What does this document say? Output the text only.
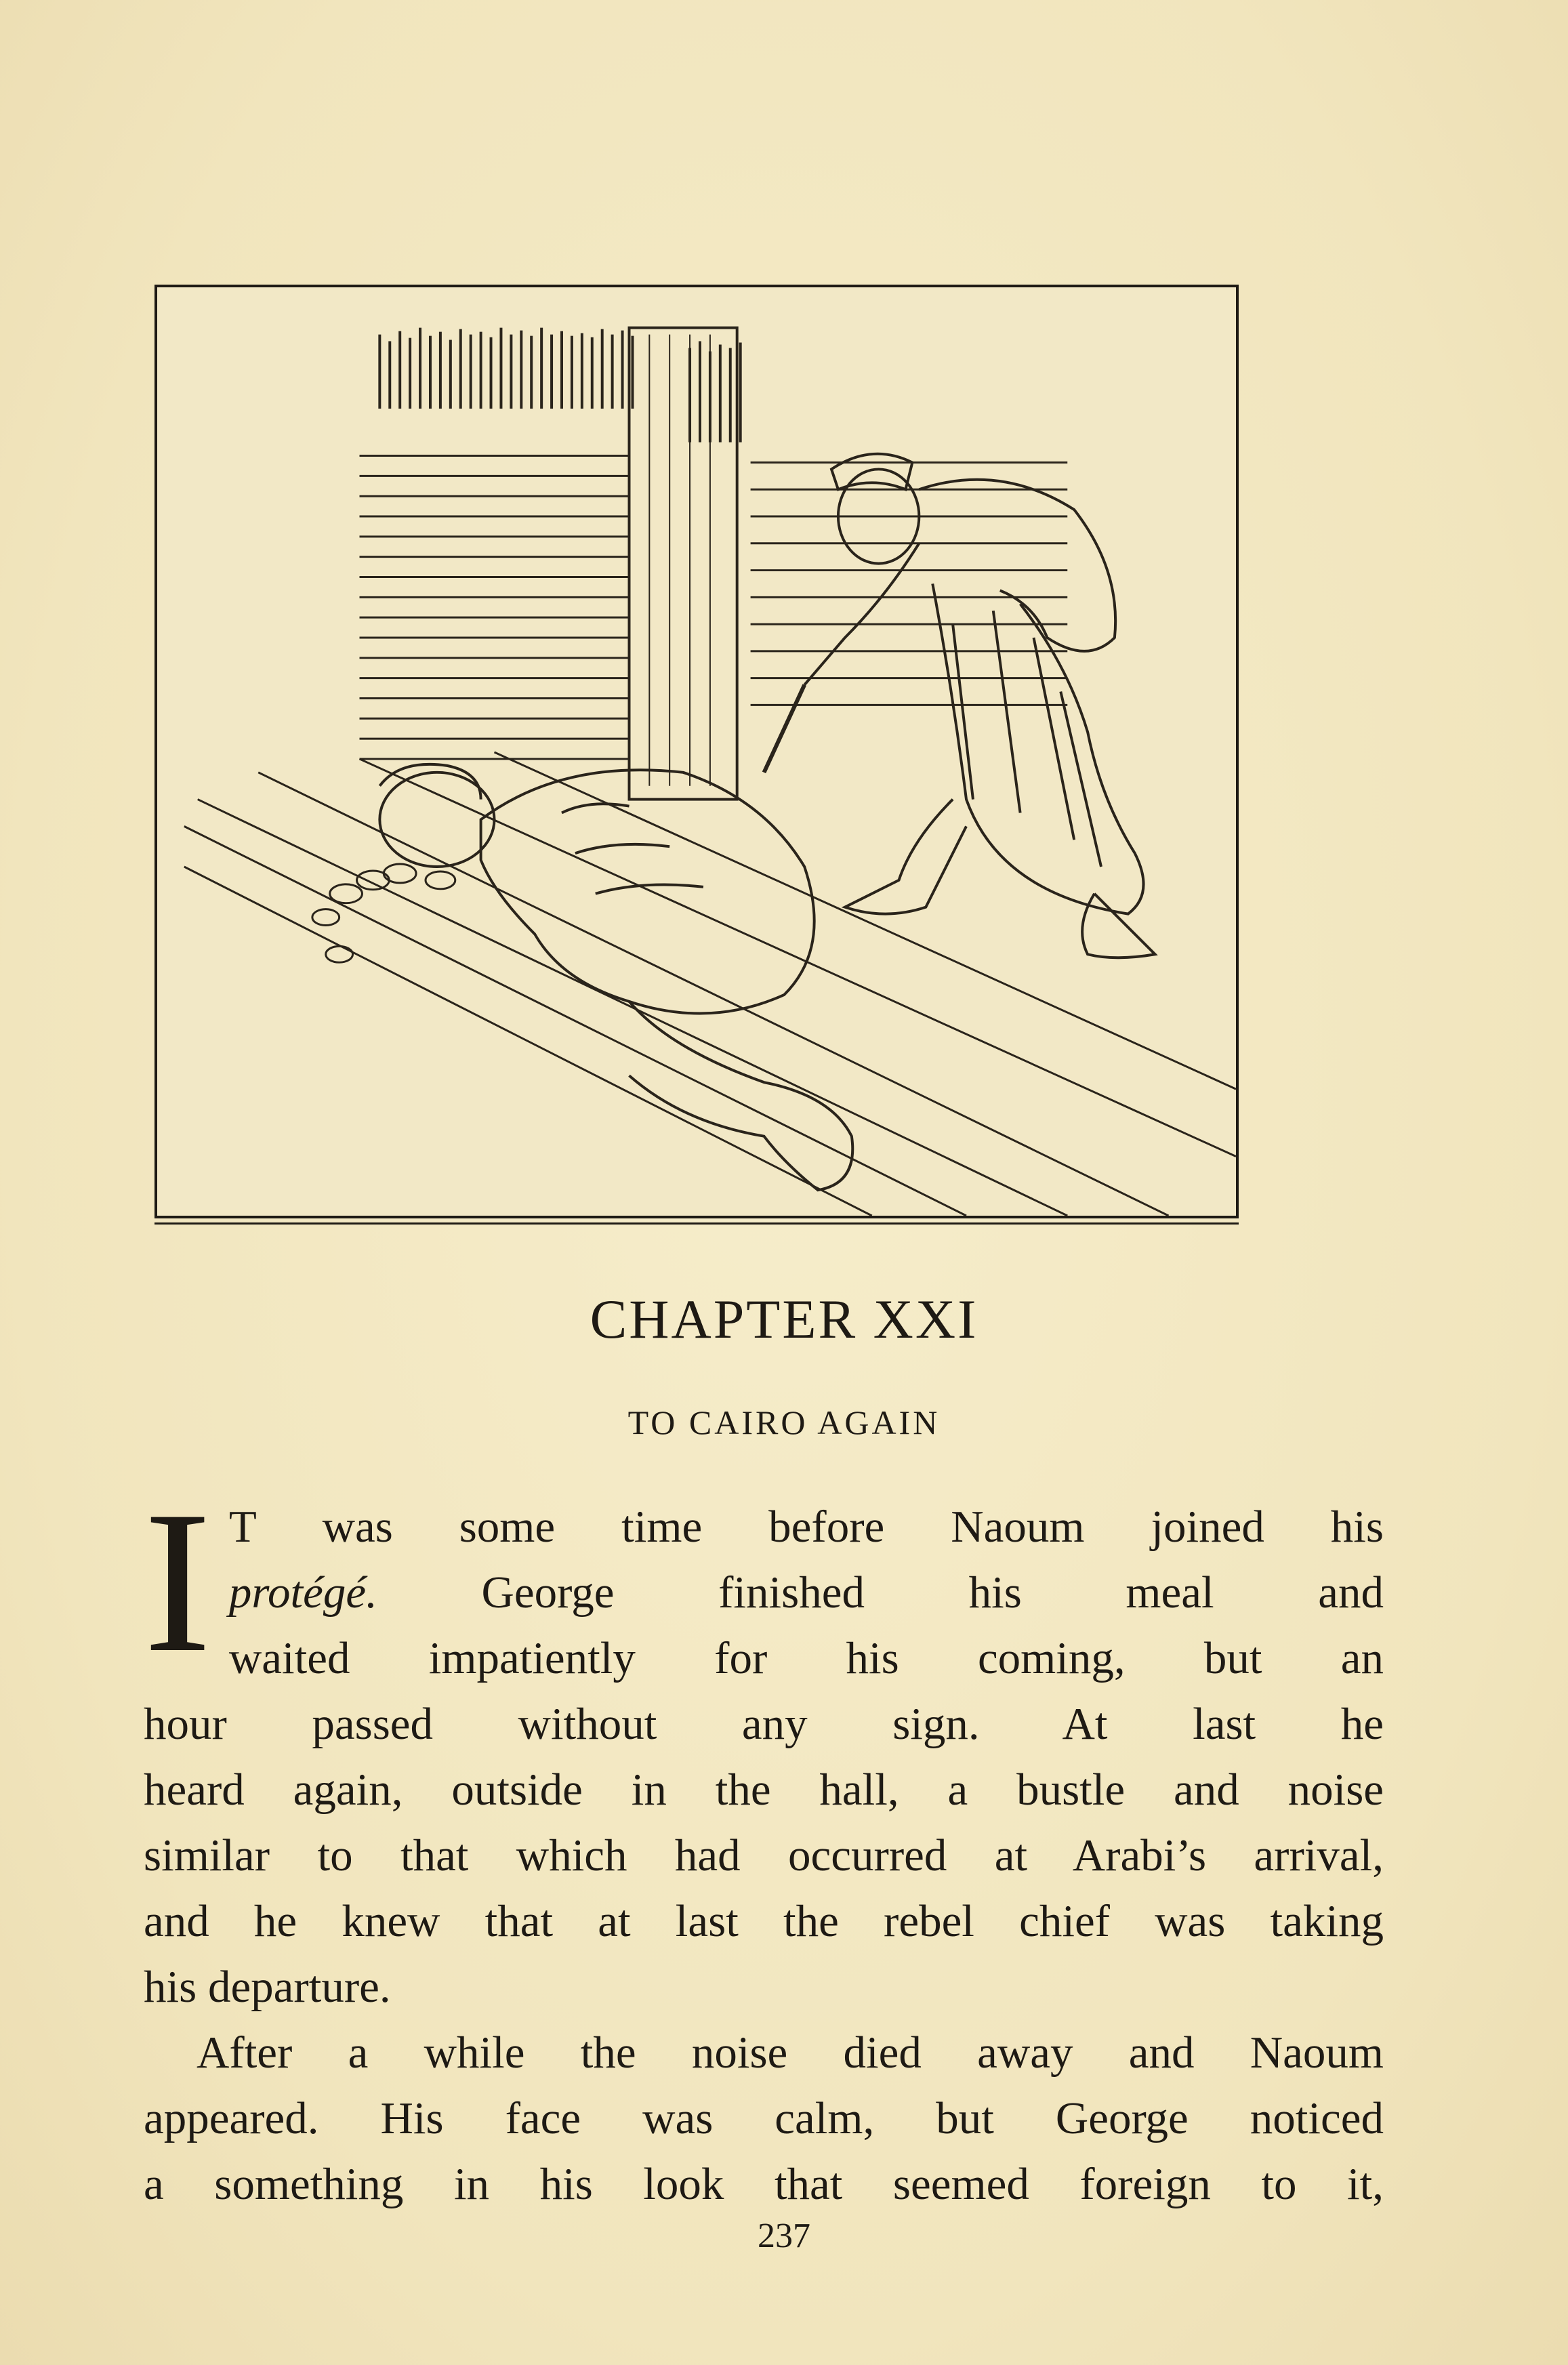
CHAPTER XXI
TO CAIRO AGAIN
I T was some time before Naoum joined his

protégé. George finished his meal and

waited impatiently for his coming, but an

hour passed without any sign. At last he

heard again, outside in the hall, a bustle and noise

similar to that which had occurred at Arabi’s arrival,

and he knew that at last the rebel chief was taking

his departure.

After a while the noise died away and Naoum

appeared. His face was calm, but George noticed

a something in his look that seemed foreign to it,

237
